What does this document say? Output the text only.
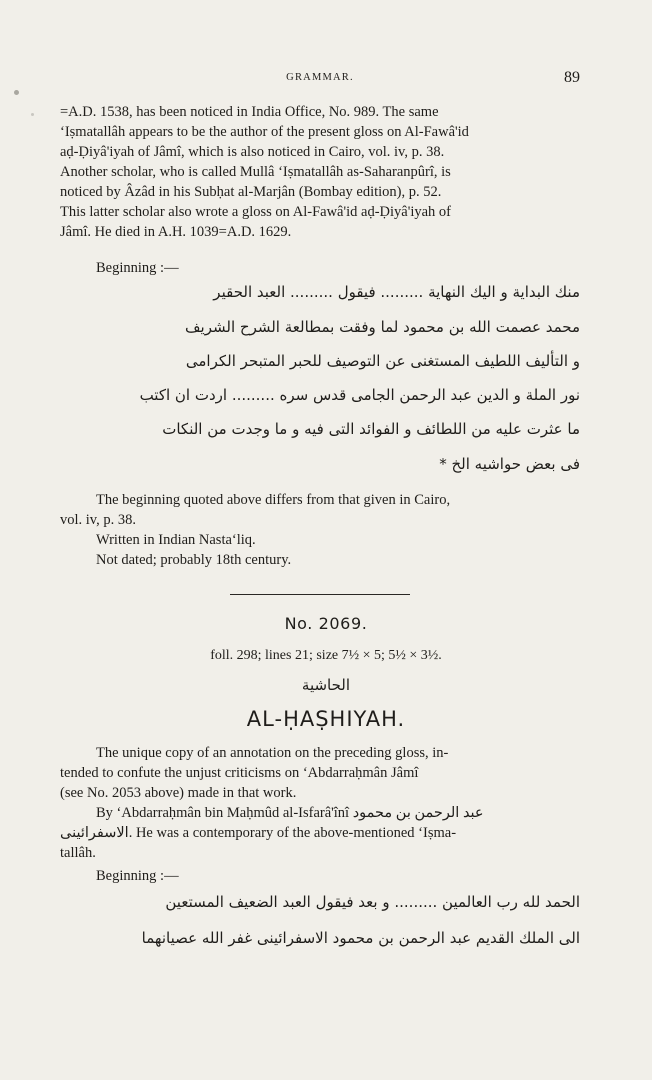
GRAMMAR.	89
=A.D. 1538, has been noticed in India Office, No. 989. The same
‘Iṣmatallâh appears to be the author of the present gloss on Al-Fawâ'id
aḍ-Ḍiyâ'iyah of Jâmî, which is also noticed in Cairo, vol. iv, p. 38.
Another scholar, who is called Mullâ ‘Iṣmatallâh as-Saharanpûrî, is
noticed by Âzâd in his Subḥat al-Marjân (Bombay edition), p. 52.
This latter scholar also wrote a gloss on Al-Fawâ'id aḍ-Ḍiyâ'iyah of
Jâmî. He died in A.H. 1039=A.D. 1629.
Beginning :—
منك البداية و اليك النهاية ......... فيقول ......... العبد الحقير
محمد عصمت الله بن محمود لما وفقت بمطالعة الشرح الشريف
و التأليف اللطيف المستغنى عن التوصيف للحبر المتبحر الكرامى
نور الملة و الدين عبد الرحمن الجامى قدس سره ......... اردت ان اكتب
ما عثرت عليه من اللطائف و الفوائد التى فيه و ما وجدت من النكات
فى بعض حواشيه الخ *
The beginning quoted above differs from that given in Cairo,
vol. iv, p. 38.
Written in Indian Nasta‘liq.
Not dated; probably 18th century.
No. 2069.
foll. 298; lines 21; size 7½ × 5; 5½ × 3½.
الحاشية
AL-ḤAṢHIYAH.
The unique copy of an annotation on the preceding gloss, in-
tended to confute the unjust criticisms on ‘Abdarraḥmân Jâmî
(see No. 2053 above) made in that work.
By ‘Abdarraḥmân bin Maḥmûd al-Isfarâ'înî عبد الرحمن بن محمود
الاسفرائينى. He was a contemporary of the above-mentioned ‘Iṣma-
tallâh.
Beginning :—
الحمد لله رب العالمين ......... و بعد فيقول العبد الضعيف المستعين
الى الملك القديم عبد الرحمن بن محمود الاسفرائينى غفر الله عصيانهما
